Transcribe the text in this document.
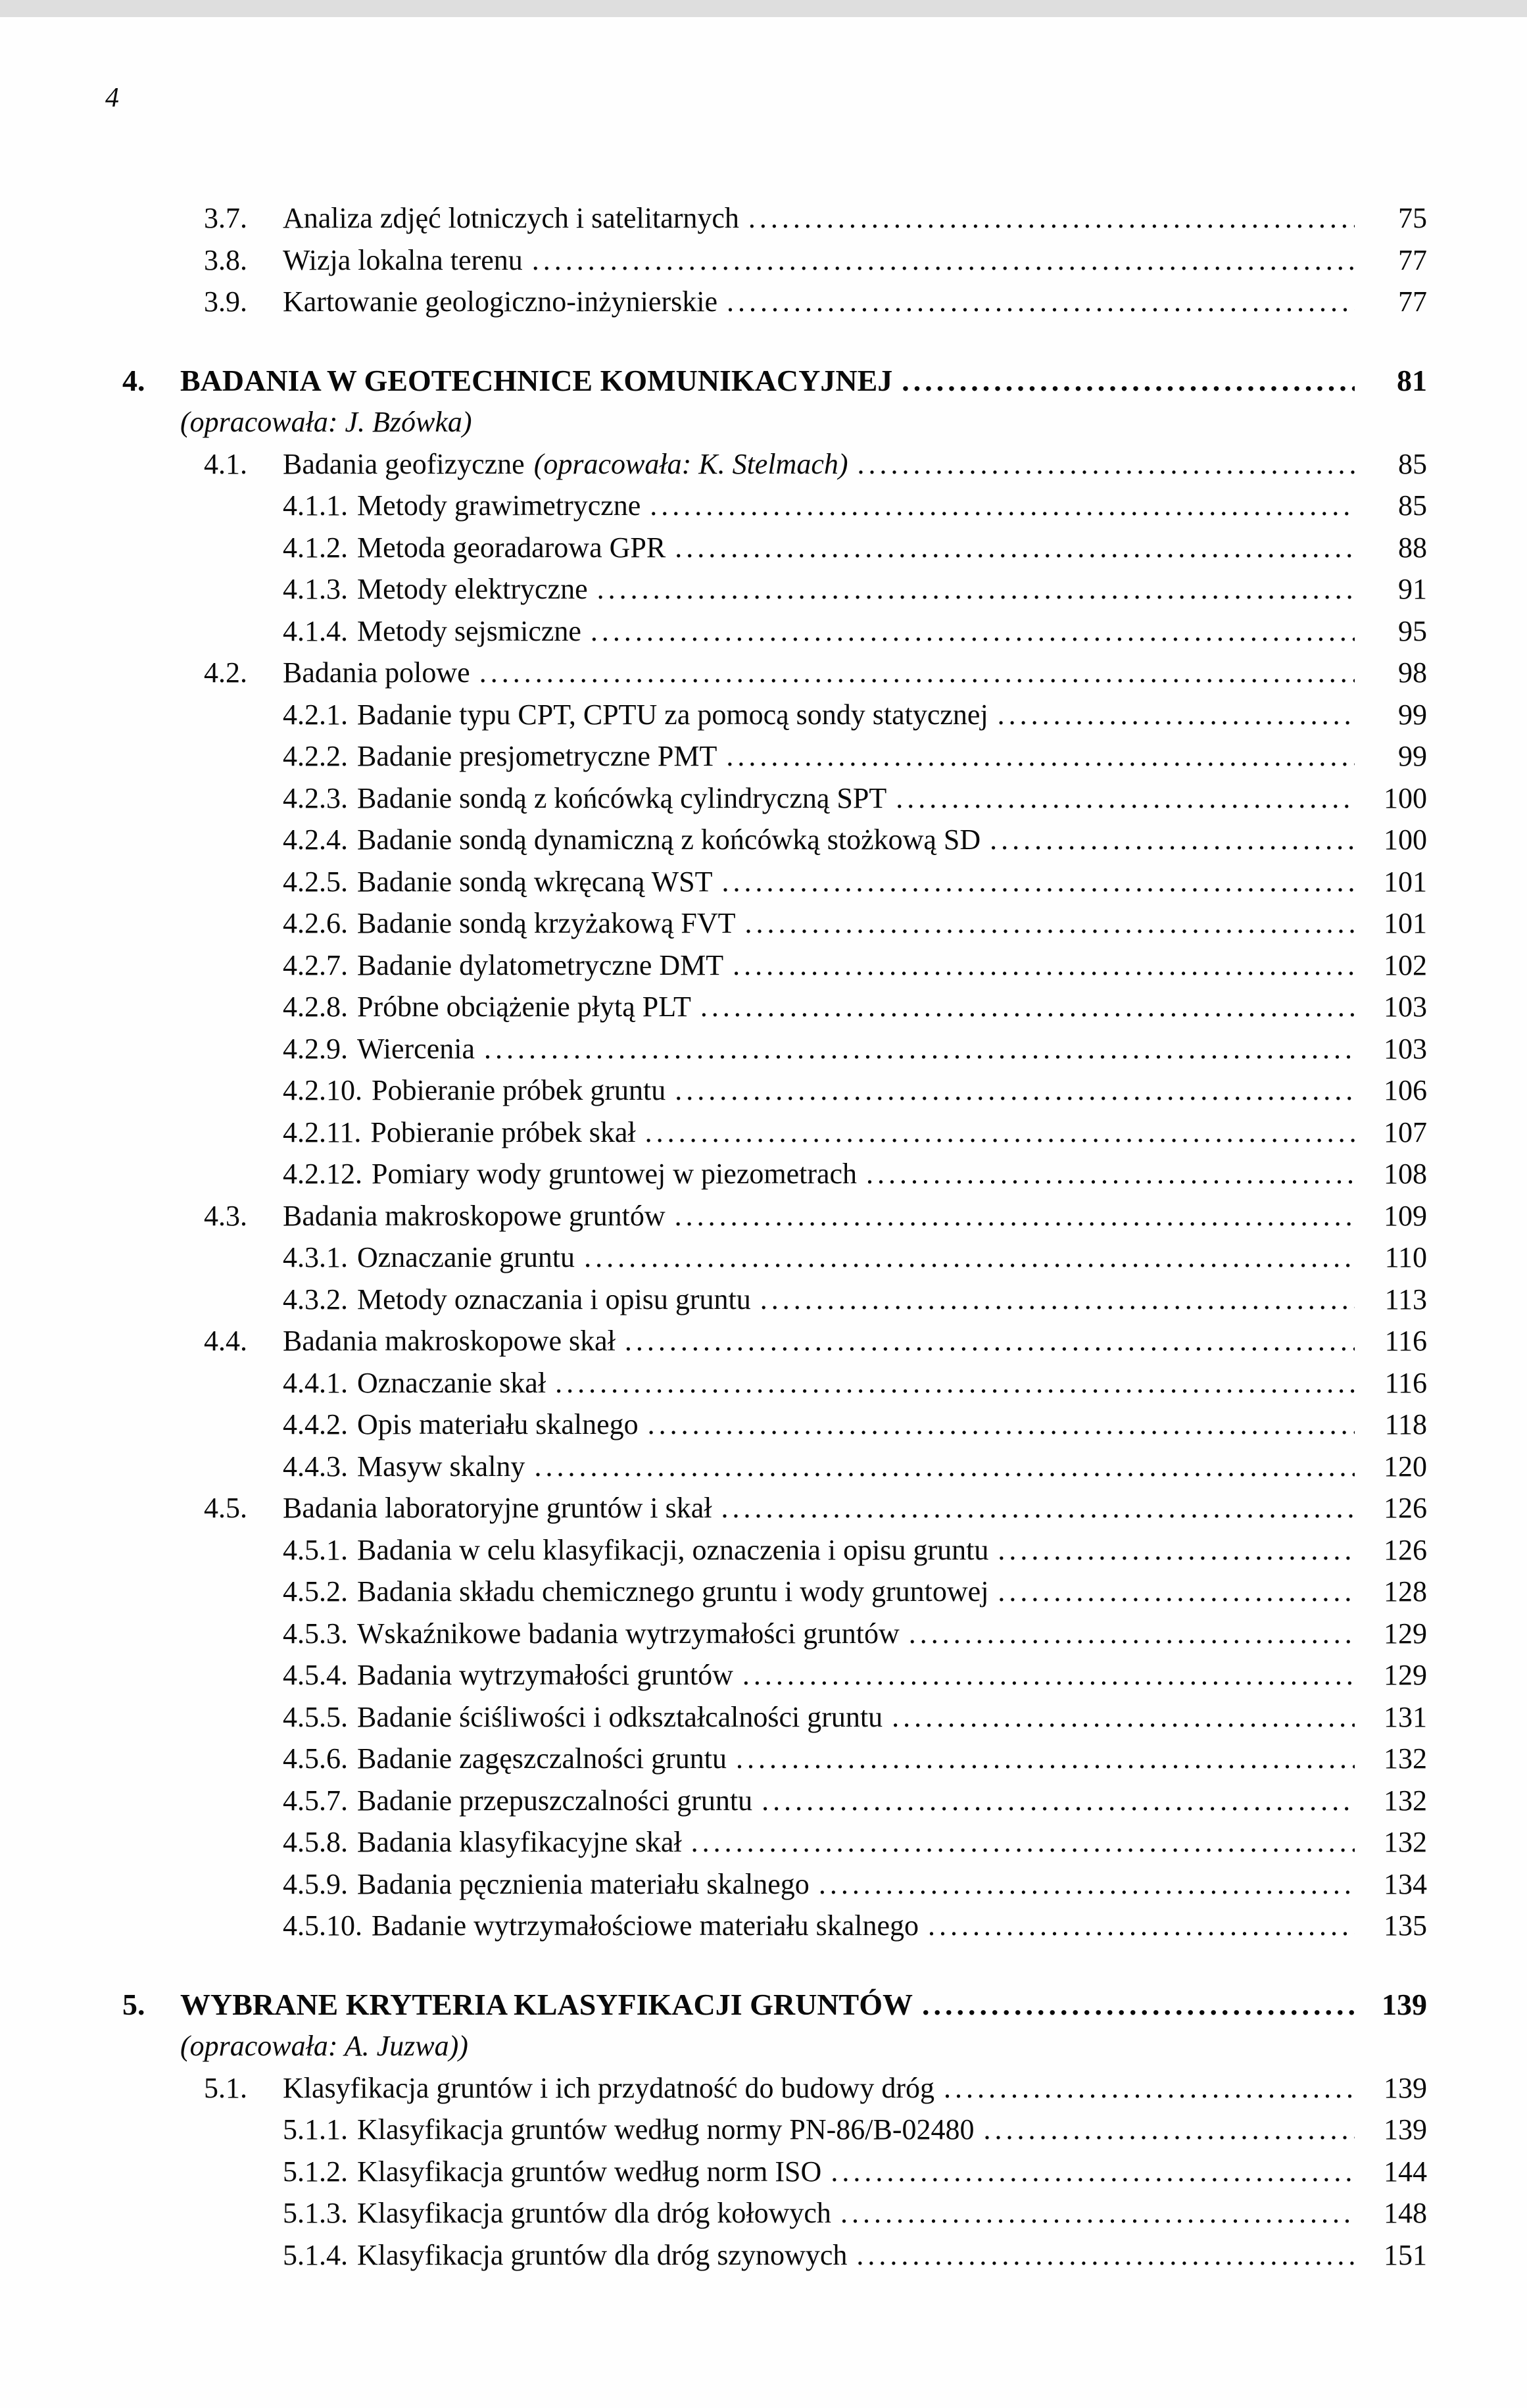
4
3.7.	Analiza zdjęć lotniczych i satelitarnych .....	75
3.8.	Wizja lokalna terenu .....	77
3.9.	Kartowanie geologiczno-inżynierskie .....	77
4.	BADANIA W GEOTECHNICE KOMUNIKACYJNEJ .....	81
(opracowała: J. Bzówka)
4.1.	Badania geofizyczne (opracowała: K. Stelmach) .....	85
4.1.1. Metody grawimetryczne .....	85
4.1.2. Metoda georadarowa GPR .....	88
4.1.3. Metody elektryczne .....	91
4.1.4. Metody sejsmiczne .....	95
4.2.	Badania polowe .....	98
4.2.1. Badanie typu CPT, CPTU za pomocą sondy statycznej .....	99
4.2.2. Badanie presjometryczne PMT .....	99
4.2.3. Badanie sondą z końcówką cylindryczną SPT .....	100
4.2.4. Badanie sondą dynamiczną z końcówką stożkową SD .....	100
4.2.5. Badanie sondą wkręcaną WST .....	101
4.2.6. Badanie sondą krzyżakową FVT .....	101
4.2.7. Badanie dylatometryczne DMT .....	102
4.2.8. Próbne obciążenie płytą PLT .....	103
4.2.9. Wiercenia .....	103
4.2.10. Pobieranie próbek gruntu .....	106
4.2.11. Pobieranie próbek skał .....	107
4.2.12. Pomiary wody gruntowej w piezometrach .....	108
4.3.	Badania makroskopowe gruntów .....	109
4.3.1. Oznaczanie gruntu .....	110
4.3.2. Metody oznaczania i opisu gruntu .....	113
4.4.	Badania makroskopowe skał .....	116
4.4.1. Oznaczanie skał .....	116
4.4.2. Opis materiału skalnego .....	118
4.4.3. Masyw skalny .....	120
4.5.	Badania laboratoryjne gruntów i skał .....	126
4.5.1. Badania w celu klasyfikacji, oznaczenia i opisu gruntu .....	126
4.5.2. Badania składu chemicznego gruntu i wody gruntowej .....	128
4.5.3. Wskaźnikowe badania wytrzymałości gruntów .....	129
4.5.4. Badania wytrzymałości gruntów .....	129
4.5.5. Badanie ściśliwości i odkształcalności gruntu .....	131
4.5.6. Badanie zagęszczalności gruntu .....	132
4.5.7. Badanie przepuszczalności gruntu .....	132
4.5.8. Badania klasyfikacyjne skał .....	132
4.5.9. Badania pęcznienia materiału skalnego .....	134
4.5.10. Badanie wytrzymałościowe materiału skalnego .....	135
5.	WYBRANE KRYTERIA KLASYFIKACJI GRUNTÓW .....	139
(opracowała: A. Juzwa))
5.1.	Klasyfikacja gruntów i ich przydatność do budowy dróg .....	139
5.1.1. Klasyfikacja gruntów według normy PN-86/B-02480 .....	139
5.1.2. Klasyfikacja gruntów według norm ISO .....	144
5.1.3. Klasyfikacja gruntów dla dróg kołowych .....	148
5.1.4. Klasyfikacja gruntów dla dróg szynowych .....	151
